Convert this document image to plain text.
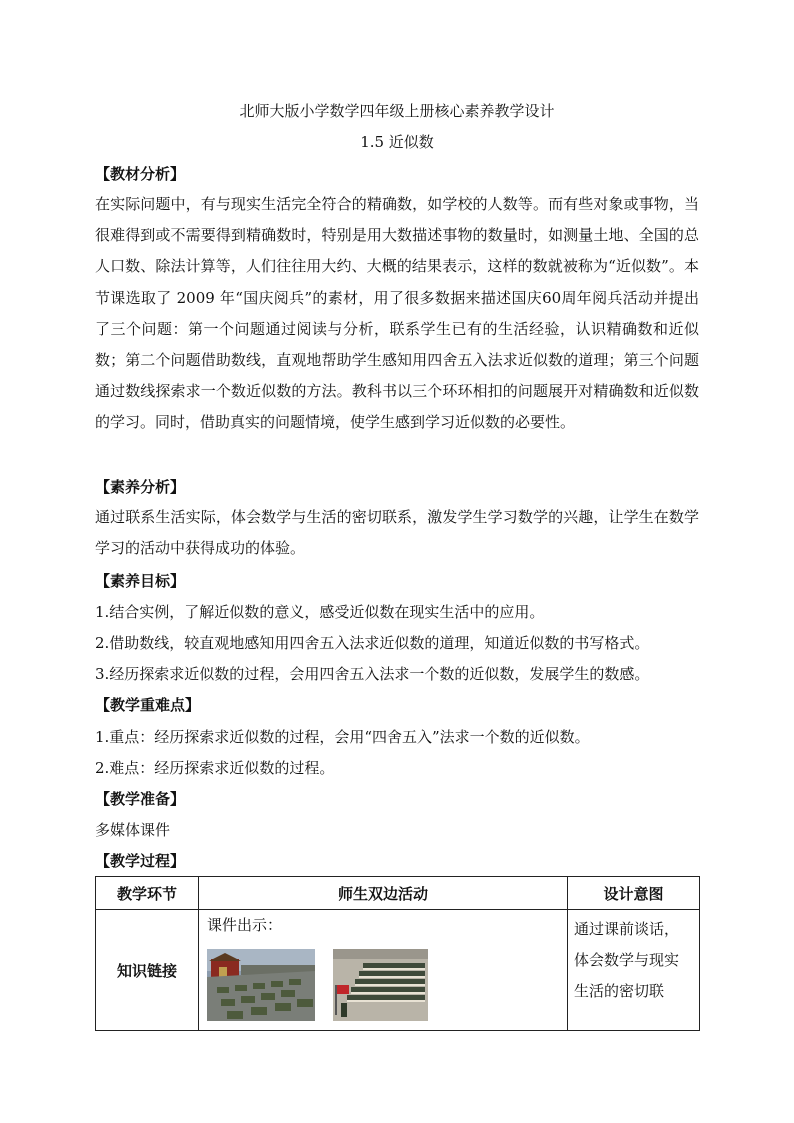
北师大版小学数学四年级上册核心素养教学设计
1.5 近似数
【教材分析】
在实际问题中，有与现实生活完全符合的精确数，如学校的人数等。而有些对象或事物，当很难得到或不需要得到精确数时，特别是用大数描述事物的数量时，如测量土地、全国的总人口数、除法计算等，人们往往用大约、大概的结果表示，这样的数就被称为“近似数”。本节课选取了 2009 年“国庆阅兵”的素材，用了很多数据来描述国庆60周年阅兵活动并提出了三个问题：第一个问题通过阅读与分析，联系学生已有的生活经验，认识精确数和近似数；第二个问题借助数线，直观地帮助学生感知用四舍五入法求近似数的道理；第三个问题通过数线探索求一个数近似数的方法。教科书以三个环环相扣的问题展开对精确数和近似数的学习。同时，借助真实的问题情境，使学生感到学习近似数的必要性。
【素养分析】
通过联系生活实际，体会数学与生活的密切联系，激发学生学习数学的兴趣，让学生在数学学习的活动中获得成功的体验。
【素养目标】
1.结合实例，了解近似数的意义，感受近似数在现实生活中的应用。
2.借助数线，较直观地感知用四舍五入法求近似数的道理，知道近似数的书写格式。
3.经历探索求近似数的过程，会用四舍五入法求一个数的近似数，发展学生的数感。
【教学重难点】
1.重点：经历探索求近似数的过程，会用“四舍五入”法求一个数的近似数。
2.难点：经历探索求近似数的过程。
【教学准备】
多媒体课件
【教学过程】
教学环节	师生双边活动	设计意图
知识链接	课件出示：	通过课前谈话，体会数学与现实生活的密切联
